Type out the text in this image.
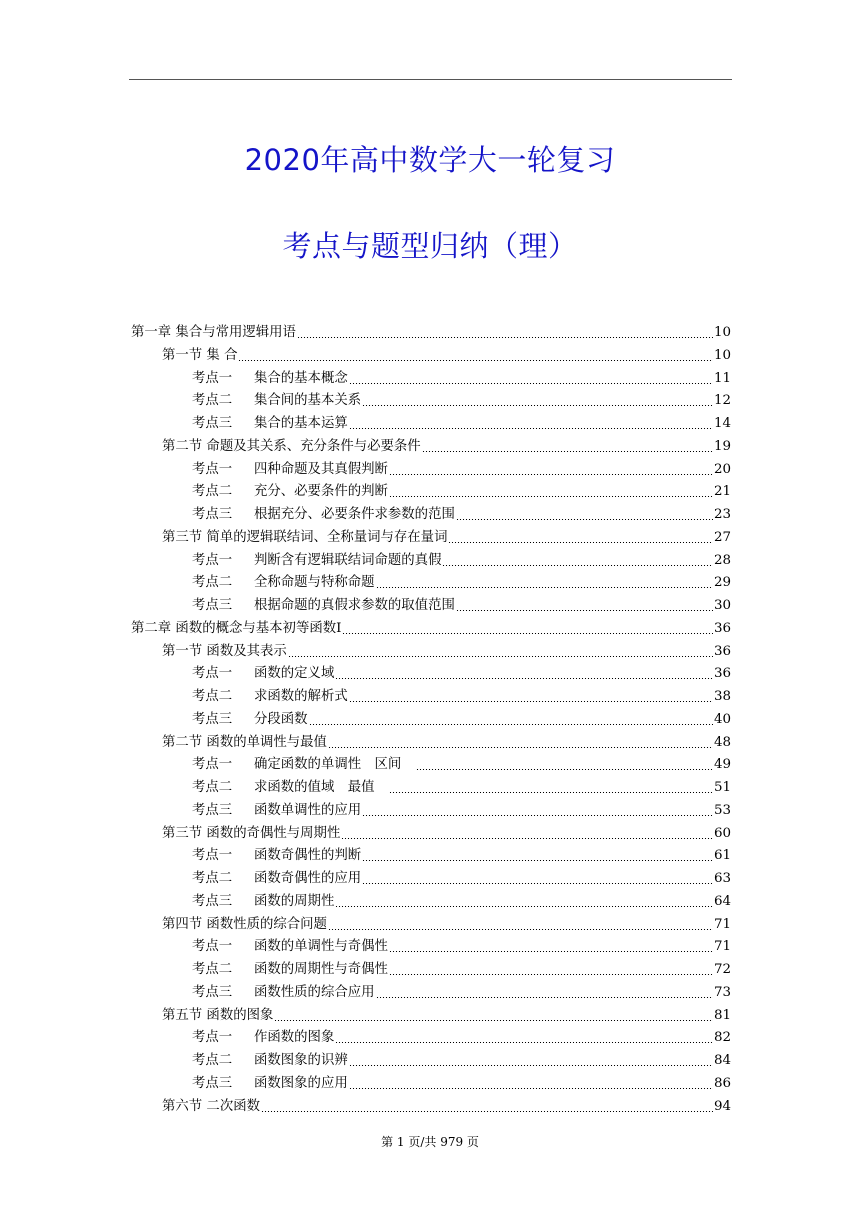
2020年高中数学大一轮复习
考点与题型归纳（理）
第一章 集合与常用逻辑用语	10
第一节 集 合	10
考点一 集合的基本概念	11
考点二 集合间的基本关系	12
考点三 集合的基本运算	14
第二节 命题及其关系、充分条件与必要条件	19
考点一 四种命题及其真假判断	20
考点二 充分、必要条件的判断	21
考点三 根据充分、必要条件求参数的范围	23
第三节 简单的逻辑联结词、全称量词与存在量词	27
考点一 判断含有逻辑联结词命题的真假	28
考点二 全称命题与特称命题	29
考点三 根据命题的真假求参数的取值范围	30
第二章 函数的概念与基本初等函数Ⅰ	36
第一节 函数及其表示	36
考点一 函数的定义域	36
考点二 求函数的解析式	38
考点三 分段函数	40
第二节 函数的单调性与最值	48
考点一 确定函数的单调性　区间　	49
考点二 求函数的值域　最值　	51
考点三 函数单调性的应用	53
第三节 函数的奇偶性与周期性	60
考点一 函数奇偶性的判断	61
考点二 函数奇偶性的应用	63
考点三 函数的周期性	64
第四节 函数性质的综合问题	71
考点一 函数的单调性与奇偶性	71
考点二 函数的周期性与奇偶性	72
考点三 函数性质的综合应用	73
第五节 函数的图象	81
考点一 作函数的图象	82
考点二 函数图象的识辨	84
考点三 函数图象的应用	86
第六节 二次函数	94
第 1 页/共 979 页
